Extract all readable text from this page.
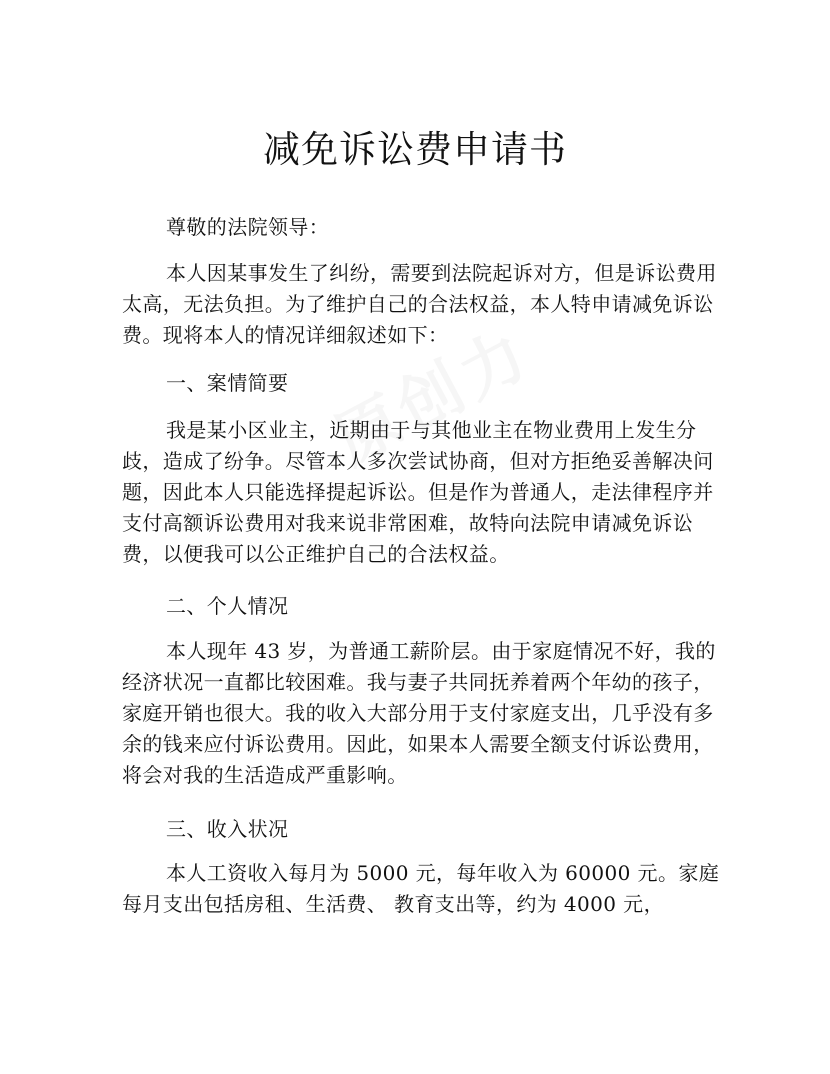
减免诉讼费申请书

尊敬的法院领导：

本人因某事发生了纠纷，需要到法院起诉对方，但是诉讼费用太高，无法负担。为了维护自己的合法权益，本人特申请减免诉讼费。现将本人的情况详细叙述如下：

一、案情简要

我是某小区业主，近期由于与其他业主在物业费用上发生分歧，造成了纷争。尽管本人多次尝试协商，但对方拒绝妥善解决问题，因此本人只能选择提起诉讼。但是作为普通人，走法律程序并支付高额诉讼费用对我来说非常困难，故特向法院申请减免诉讼费，以便我可以公正维护自己的合法权益。

二、个人情况

本人现年 43 岁，为普通工薪阶层。由于家庭情况不好，我的经济状况一直都比较困难。我与妻子共同抚养着两个年幼的孩子，家庭开销也很大。我的收入大部分用于支付家庭支出，几乎没有多余的钱来应付诉讼费用。因此，如果本人需要全额支付诉讼费用，将会对我的生活造成严重影响。

三、收入状况

本人工资收入每月为 5000 元，每年收入为 60000 元。家庭每月支出包括房租、生活费、 教育支出等，约为 4000 元，
